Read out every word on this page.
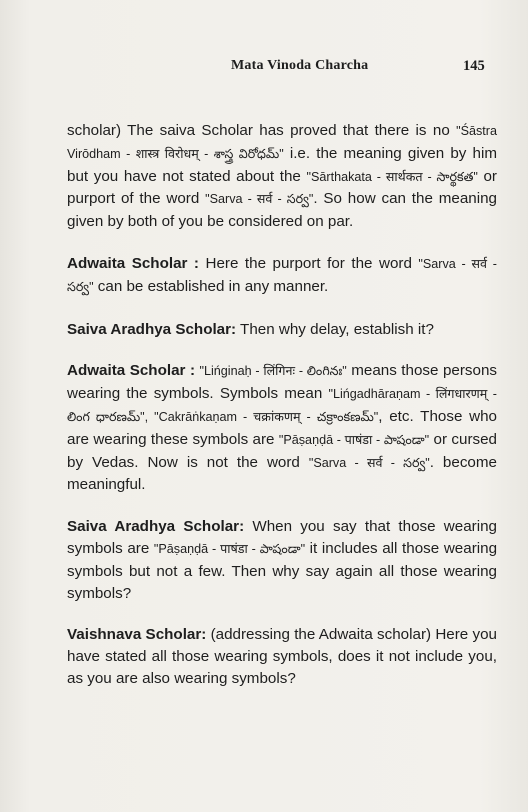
Mata Vinoda Charcha	145

scholar) The saiva Scholar has proved that there is no "Śāstra Virōdham - शास्त्र विरोधम् - శాస్త్ర విరోధమ్" i.e. the meaning given by him but you have not stated about the "Sārthakata - सार्थकत - సార్థకత" or purport of the word "Sarva - सर्व - సర్వ". So how can the meaning given by both of you be considered on par.

Adwaita Scholar : Here the purport for the word "Sarva - सर्व - సర్వ" can be established in any manner.

Saiva Aradhya Scholar: Then why delay, establish it?

Adwaita Scholar : "Lińginaḥ - लिंगिनः - లింగినః" means those persons wearing the symbols. Symbols mean "Lińgadhāraṇam - लिंगधारणम् - లింగ ధారణమ్", "Cakrāṅkaṇam - चक्रांकणम् - చక్రాంకణమ్", etc. Those who are wearing these symbols are "Pāṣaṇḍā - पाषंडा - పాషండా" or cursed by Vedas. Now is not the word "Sarva - सर्व - సర్వ". become meaningful.

Saiva Aradhya Scholar: When you say that those wearing symbols are "Pāṣaṇḍā - पाषंडा - పాషండా" it includes all those wearing symbols but not a few. Then why say again all those wearing symbols?

Vaishnava Scholar: (addressing the Adwaita scholar) Here you have stated all those wearing symbols, does it not include you, as you are also wearing symbols?
